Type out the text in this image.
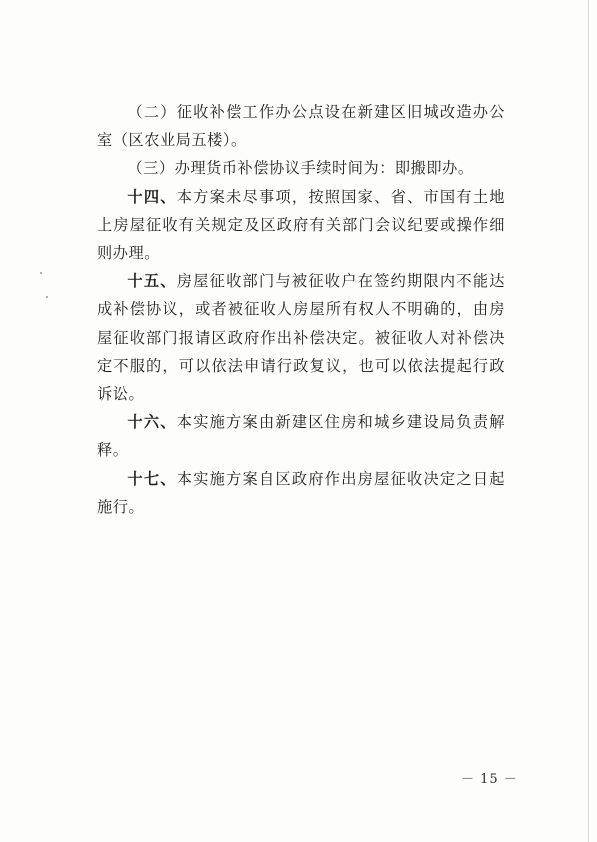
（二）征收补偿工作办公点设在新建区旧城改造办公室（区农业局五楼）。

（三）办理货币补偿协议手续时间为：即搬即办。

十四、本方案未尽事项，按照国家、省、市国有土地上房屋征收有关规定及区政府有关部门会议纪要或操作细则办理。

十五、房屋征收部门与被征收户在签约期限内不能达成补偿协议，或者被征收人房屋所有权人不明确的，由房屋征收部门报请区政府作出补偿决定。被征收人对补偿决定不服的，可以依法申请行政复议，也可以依法提起行政诉讼。

十六、本实施方案由新建区住房和城乡建设局负责解释。

十七、本实施方案自区政府作出房屋征收决定之日起施行。

－ 15 －
